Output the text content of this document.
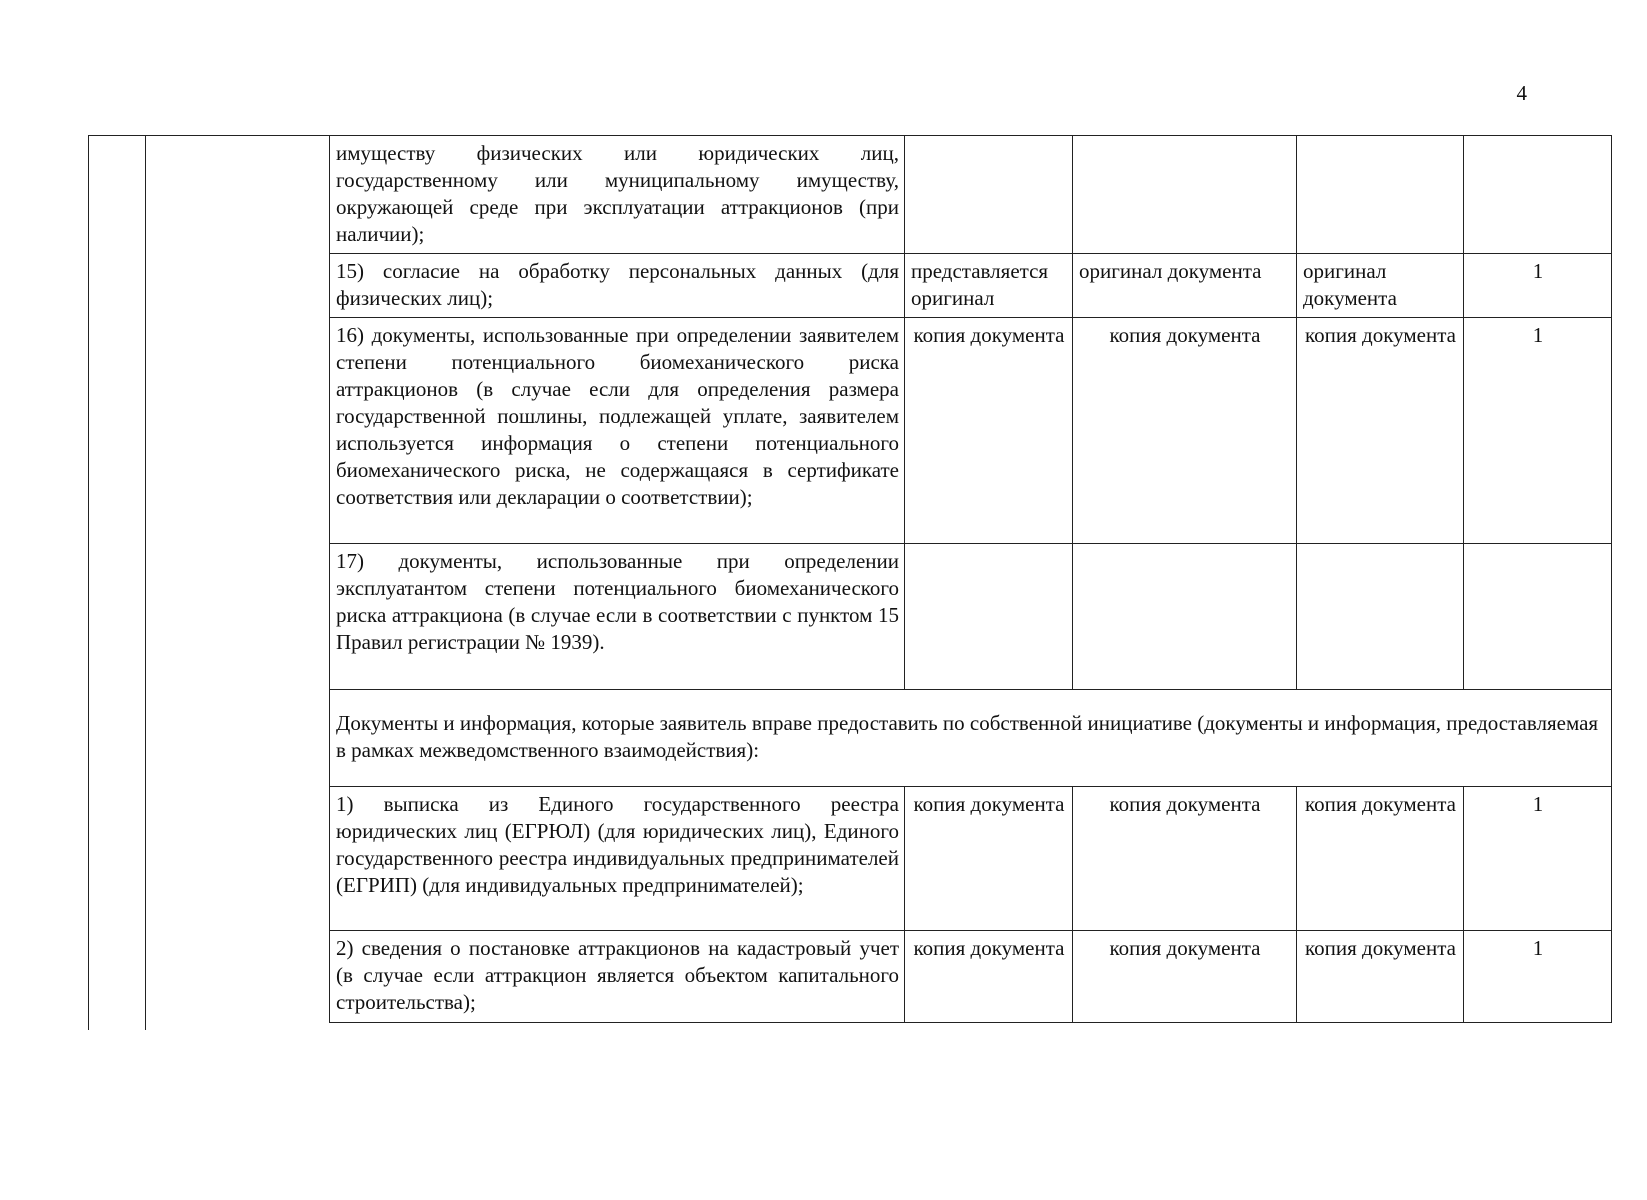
4
имуществу физических или юридических лиц, государственному или муниципальному имуществу, окружающей среде при эксплуатации аттракционов (при наличии);				
15) согласие на обработку персональных данных (для физических лиц);	представляется оригинал	оригинал документа	оригинал документа	1
16) документы, использованные при определении заявителем степени потенциального биомеханического риска аттракционов (в случае если для определения размера государственной пошлины, подлежащей уплате, заявителем используется информация о степени потенциального биомеханического риска, не содержащаяся в сертификате соответствия или декларации о соответствии);	копия документа	копия документа	копия документа	1
17) документы, использованные при определении эксплуатантом степени потенциального биомеханического риска аттракциона (в случае если в соответствии с пунктом 15 Правил регистрации № 1939).				
Документы и информация, которые заявитель вправе предоставить по собственной инициативе (документы и информация, предоставляемая в рамках межведомственного взаимодействия):				
1) выписка из Единого государственного реестра юридических лиц (ЕГРЮЛ) (для юридических лиц), Единого государственного реестра индивидуальных предпринимателей (ЕГРИП) (для индивидуальных предпринимателей);	копия документа	копия документа	копия документа	1
2) сведения о постановке аттракционов на кадастровый учет (в случае если аттракцион является объектом капитального строительства);	копия документа	копия документа	копия документа	1
